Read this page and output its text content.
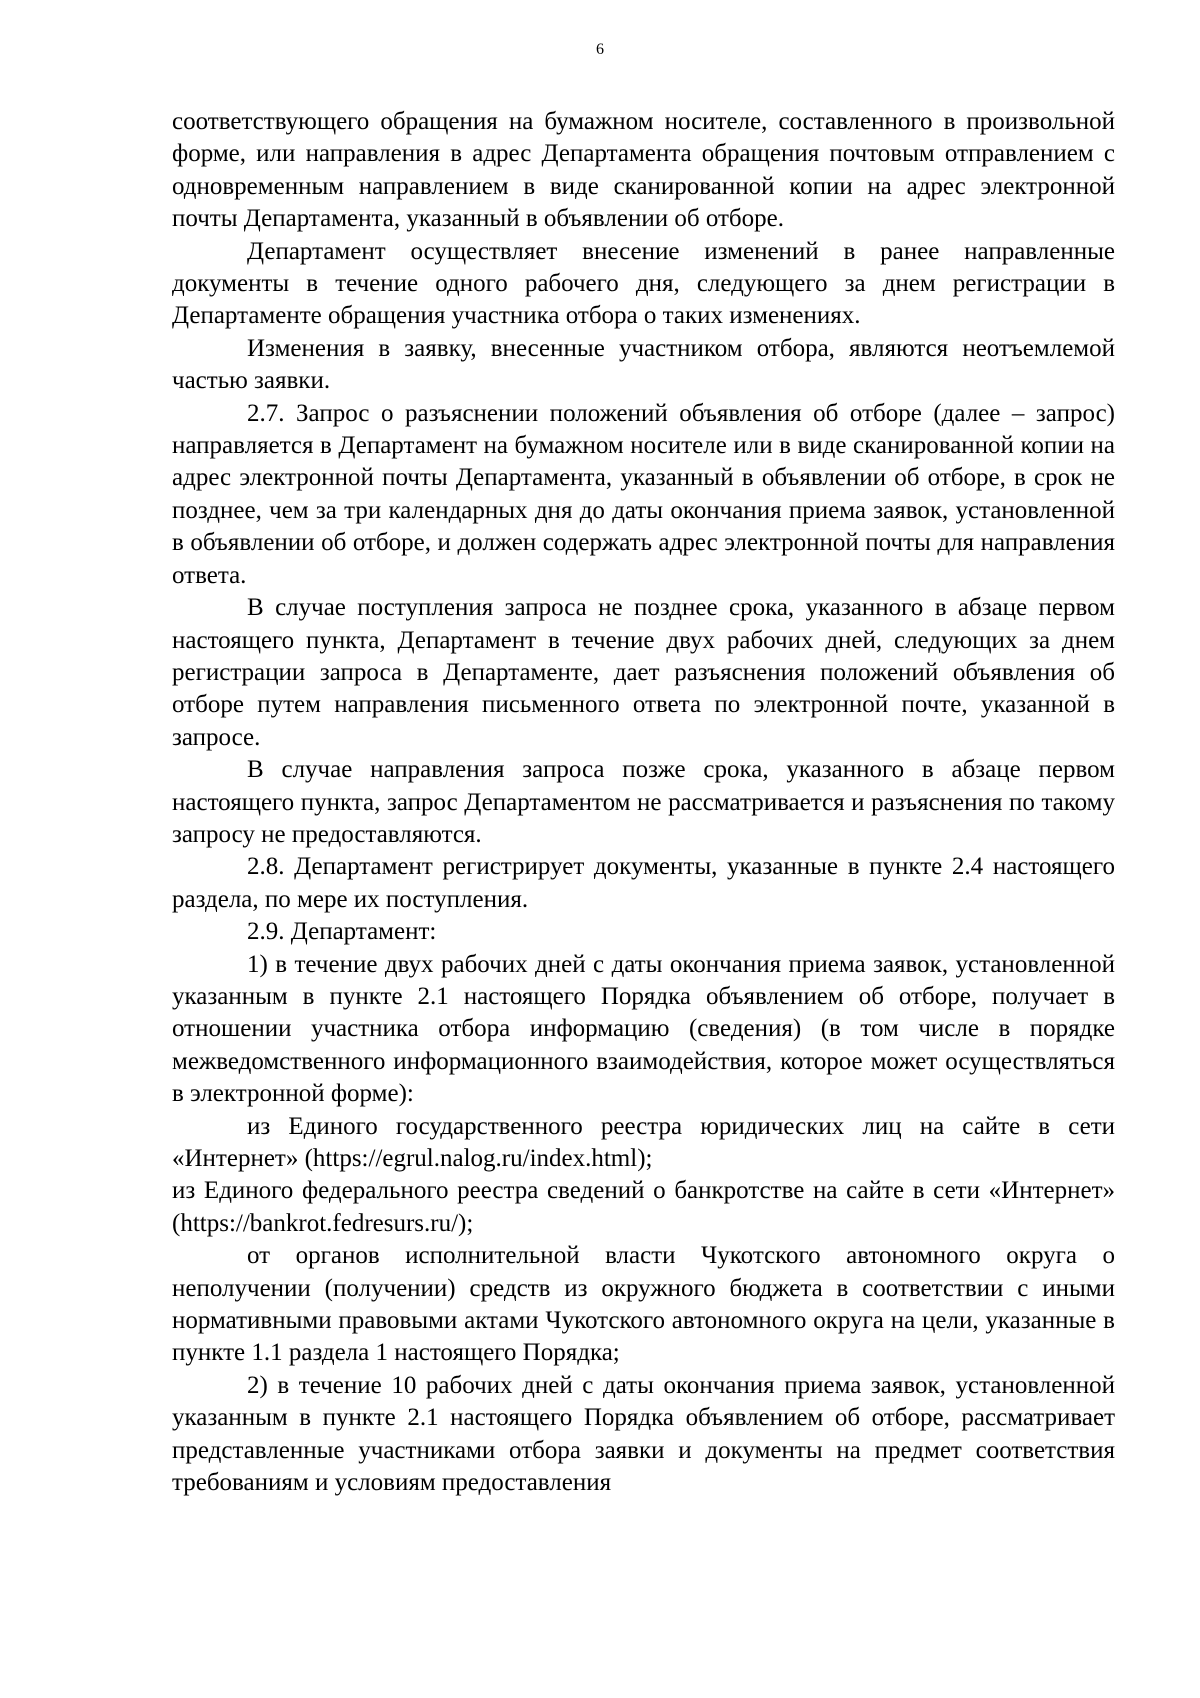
6

соответствующего обращения на бумажном носителе, составленного в произвольной форме, или направления в адрес Департамента обращения почтовым отправлением с одновременным направлением в виде сканированной копии на адрес электронной почты Департамента, указанный в объявлении об отборе.

Департамент осуществляет внесение изменений в ранее направленные документы в течение одного рабочего дня, следующего за днем регистрации в Департаменте обращения участника отбора о таких изменениях.

Изменения в заявку, внесенные участником отбора, являются неотъемлемой частью заявки.

2.7. Запрос о разъяснении положений объявления об отборе (далее – запрос) направляется в Департамент на бумажном носителе или в виде сканированной копии на адрес электронной почты Департамента, указанный в объявлении об отборе, в срок не позднее, чем за три календарных дня до даты окончания приема заявок, установленной в объявлении об отборе, и должен содержать адрес электронной почты для направления ответа.

В случае поступления запроса не позднее срока, указанного в абзаце первом настоящего пункта, Департамент в течение двух рабочих дней, следующих за днем регистрации запроса в Департаменте, дает разъяснения положений объявления об отборе путем направления письменного ответа по электронной почте, указанной в запросе.

В случае направления запроса позже срока, указанного в абзаце первом настоящего пункта, запрос Департаментом не рассматривается и разъяснения по такому запросу не предоставляются.

2.8. Департамент регистрирует документы, указанные в пункте 2.4 настоящего раздела, по мере их поступления.

2.9. Департамент:

1) в течение двух рабочих дней с даты окончания приема заявок, установленной указанным в пункте 2.1 настоящего Порядка объявлением об отборе, получает в отношении участника отбора информацию (сведения) (в том числе в порядке межведомственного информационного взаимодействия, которое может осуществляться в электронной форме):

из Единого государственного реестра юридических лиц на сайте в сети «Интернет» (https://egrul.nalog.ru/index.html);

из Единого федерального реестра сведений о банкротстве на сайте в сети «Интернет» (https://bankrot.fedresurs.ru/);

от органов исполнительной власти Чукотского автономного округа о неполучении (получении) средств из окружного бюджета в соответствии с иными нормативными правовыми актами Чукотского автономного округа на цели, указанные в пункте 1.1 раздела 1 настоящего Порядка;

2) в течение 10 рабочих дней с даты окончания приема заявок, установленной указанным в пункте 2.1 настоящего Порядка объявлением об отборе, рассматривает представленные участниками отбора заявки и документы на предмет соответствия требованиям и условиям предоставления
